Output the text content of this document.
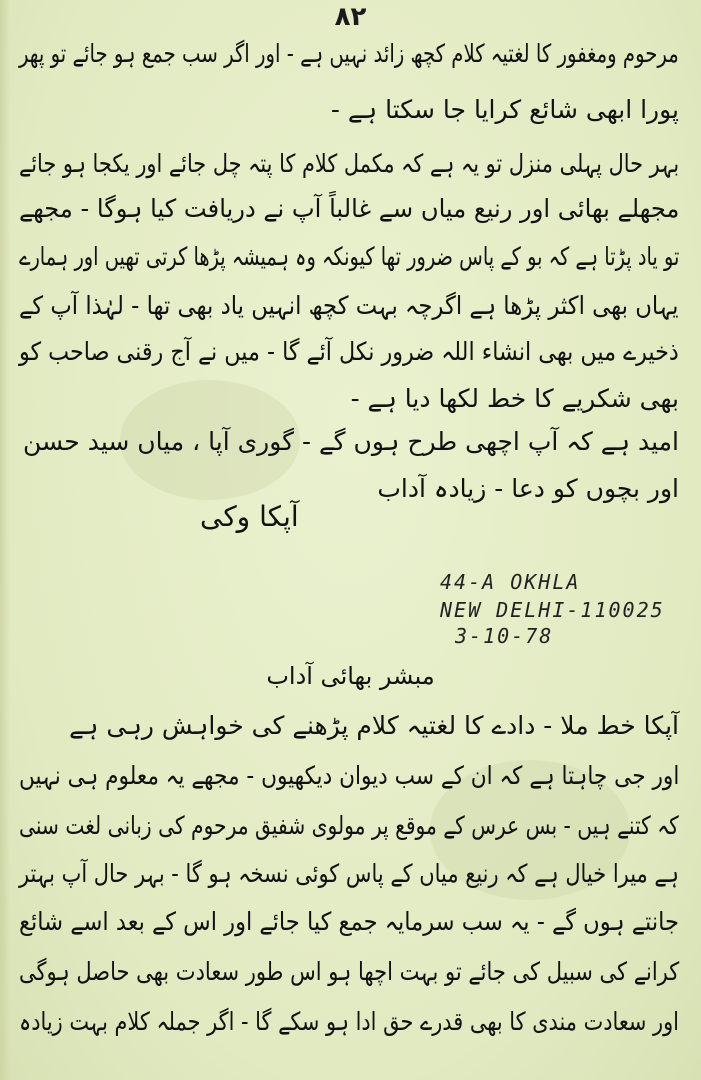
٨٢
مرحوم ومغفور کا لغتیہ کلام کچھ زائد نہیں ہے - اور اگر سب جمع ہو جائے تو پھر
پورا ابھی شائع کرایا جا سکتا ہے -
بہر حال پہلی منزل تو یہ ہے کہ مکمل کلام کا پتہ چل جائے اور یکجا ہو جائے
مجھلے بھائی اور رنیع میاں سے غالباً آپ نے دریافت کیا ہوگا - مجھے
تو یاد پڑتا ہے کہ بو کے پاس ضرور تھا کیونکہ وہ ہمیشہ پڑھا کرتی تھیں اور ہمارے
یہاں بھی اکثر پڑھا ہے اگرچہ بہت کچھ انہیں یاد بھی تھا - لہٰذا آپ کے
ذخیرے میں بھی انشاء اللہ ضرور نکل آئے گا - میں نے آج رقنی صاحب کو
بھی شکریے کا خط لکھا دیا ہے -
امید ہے کہ آپ اچھی طرح ہوں گے - گوری آپا ، میاں سید حسن
اور بچوں کو دعا - زیادہ آداب
آپکا وکی
44-A OKHLA
NEW DELHI-110025
3-10-78
مبشر بھائی آداب
آپکا خط ملا - دادے کا لغتیہ کلام پڑھنے کی خواہش رہی ہے
اور جی چاہتا ہے کہ ان کے سب دیوان دیکھیوں - مجھے یہ معلوم ہی نہیں
کہ کتنے ہیں - بس عرس کے موقع پر مولوی شفیق مرحوم کی زبانی لغت سنی
ہے میرا خیال ہے کہ رنیع میاں کے پاس کوئی نسخہ ہو گا - بہر حال آپ بہتر
جانتے ہوں گے - یہ سب سرمایہ جمع کیا جائے اور اس کے بعد اسے شائع
کرانے کی سبیل کی جائے تو بہت اچھا ہو اس طور سعادت بھی حاصل ہوگی
اور سعادت مندی کا بھی قدرے حق ادا ہو سکے گا - اگر جملہ کلام بہت زیادہ
